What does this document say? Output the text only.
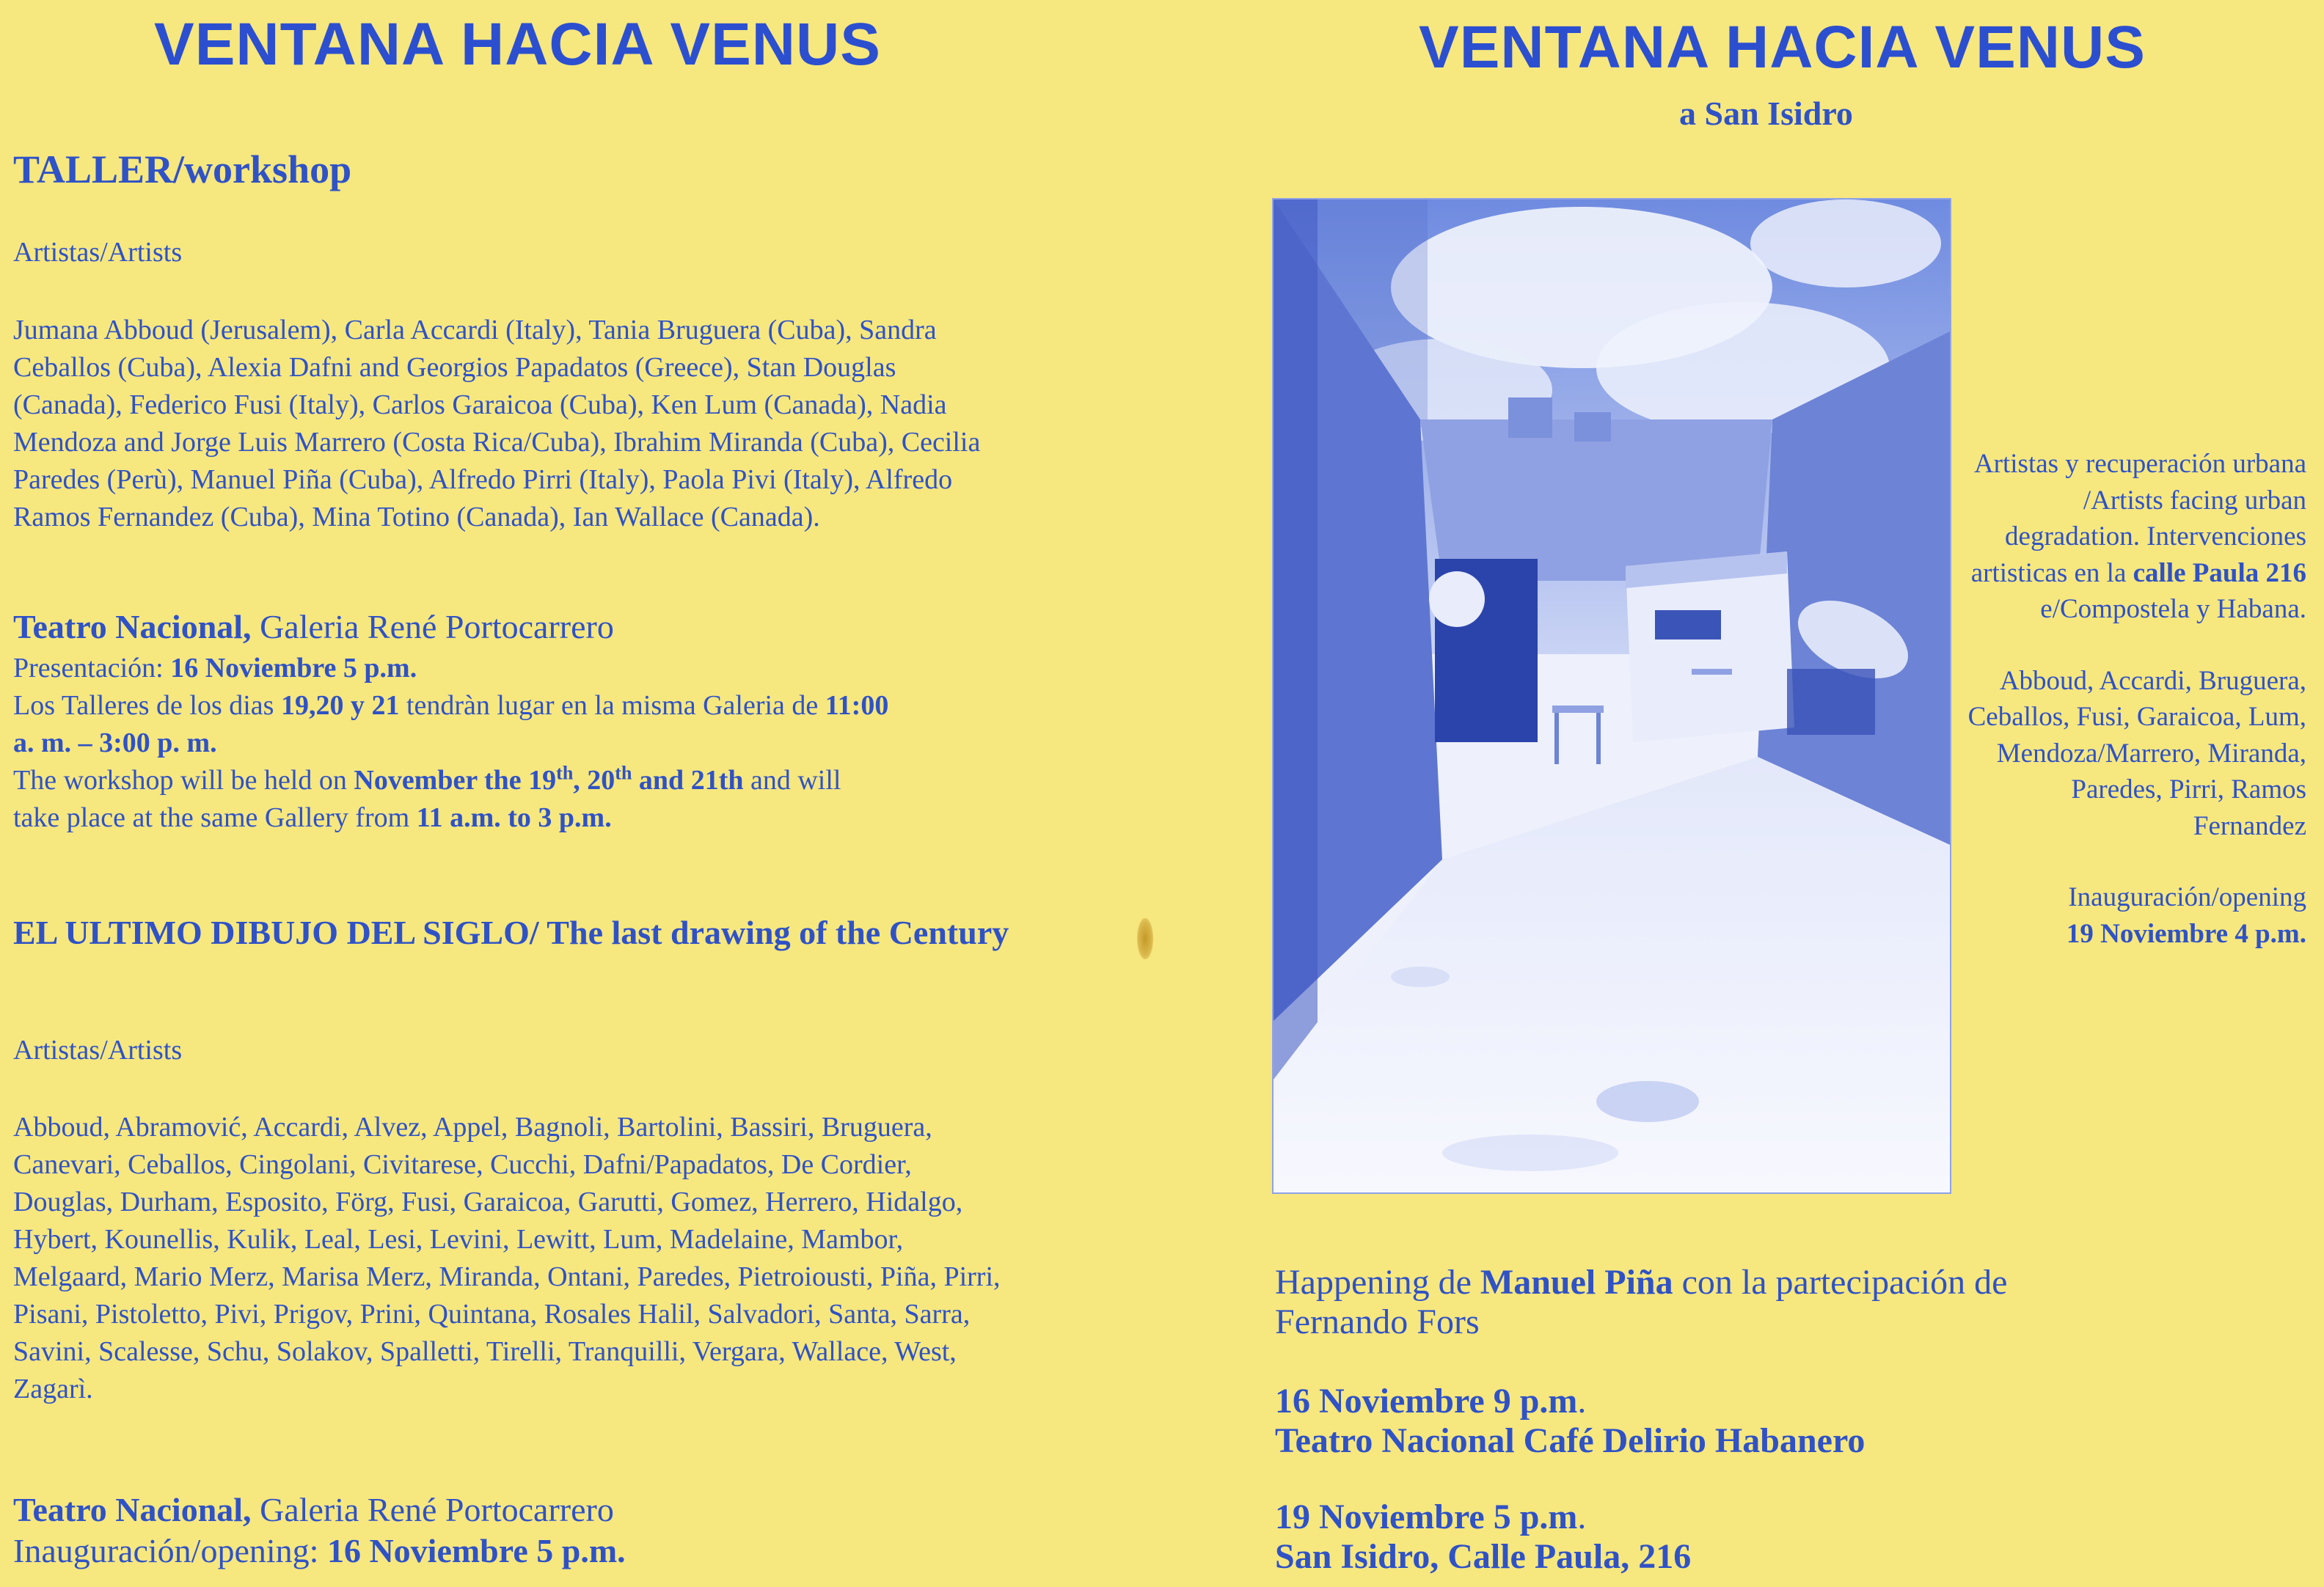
VENTANA HACIA VENUS
TALLER/workshop

Artistas/Artists

Jumana Abboud (Jerusalem), Carla Accardi (Italy), Tania Bruguera (Cuba), Sandra Ceballos (Cuba), Alexia Dafni and Georgios Papadatos (Greece), Stan Douglas (Canada), Federico Fusi (Italy), Carlos Garaicoa (Cuba), Ken Lum (Canada), Nadia Mendoza and Jorge Luis Marrero (Costa Rica/Cuba), Ibrahim Miranda (Cuba), Cecilia Paredes (Perù), Manuel Piña (Cuba), Alfredo Pirri (Italy), Paola Pivi (Italy), Alfredo Ramos Fernandez (Cuba), Mina Totino (Canada), Ian Wallace (Canada).

Teatro Nacional, Galeria René Portocarrero

Presentación: 16 Noviembre 5 p.m.
Los Talleres de los dias 19,20 y 21 tendràn lugar en la misma Galeria de 11:00
a. m. – 3:00 p. m.
The workshop will be held on November the 19th, 20th and 21th and will
take place at the same Gallery from 11 a.m. to 3 p.m.
EL ULTIMO DIBUJO DEL SIGLO/ The last drawing of the Century

Artistas/Artists

Abboud, Abramović, Accardi, Alvez, Appel, Bagnoli, Bartolini, Bassiri, Bruguera, Canevari, Ceballos, Cingolani, Civitarese, Cucchi, Dafni/Papadatos, De Cordier, Douglas, Durham, Esposito, Förg, Fusi, Garaicoa, Garutti, Gomez, Herrero, Hidalgo, Hybert, Kounellis, Kulik, Leal, Lesi, Levini, Lewitt, Lum, Madelaine, Mambor, Melgaard, Mario Merz, Marisa Merz, Miranda, Ontani, Paredes, Pietroiousti, Piña, Pirri, Pisani, Pistoletto, Pivi, Prigov, Prini, Quintana, Rosales Halil, Salvadori, Santa, Sarra, Savini, Scalesse, Schu, Solakov, Spalletti, Tirelli, Tranquilli, Vergara, Wallace, West, Zagarì.

Teatro Nacional, Galeria René Portocarrero

Inauguración/opening: 16 Noviembre 5 p.m.

VENTANA HACIA VENUS

a San Isidro

Artistas y recuperación urbana /Artists facing urban degradation. Intervenciones artisticas en la calle Paula 216 e/Compostela y Habana.

Abboud, Accardi, Bruguera, Ceballos, Fusi, Garaicoa, Lum, Mendoza/Marrero, Miranda, Paredes, Pirri, Ramos Fernandez

Inauguración/opening
19 Noviembre 4 p.m.

Happening de Manuel Piña con la partecipación de Fernando Fors

16 Noviembre 9 p.m.
Teatro Nacional Café Delirio Habanero
19 Noviembre 5 p.m.
San Isidro, Calle Paula, 216
